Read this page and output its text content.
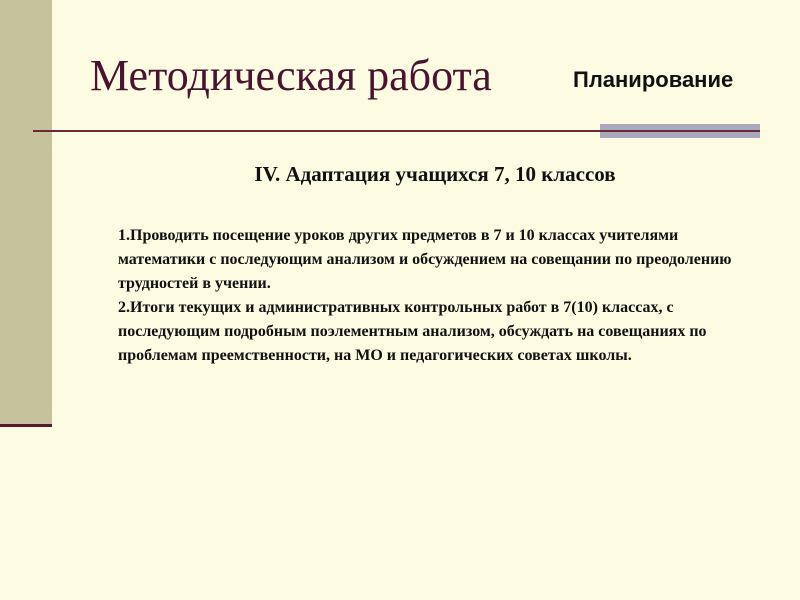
Методическая работа	Планирование
IV. Адаптация учащихся 7, 10 классов

1.Проводить посещение уроков других предметов в 7 и 10 классах учителями математики с последующим анализом и обсуждением на совещании по преодолению трудностей в учении.

2.Итоги текущих и административных контрольных работ в 7(10) классах, с последующим подробным поэлементным анализом, обсуждать на совещаниях по проблемам преемственности, на МО и педагогических советах школы.
